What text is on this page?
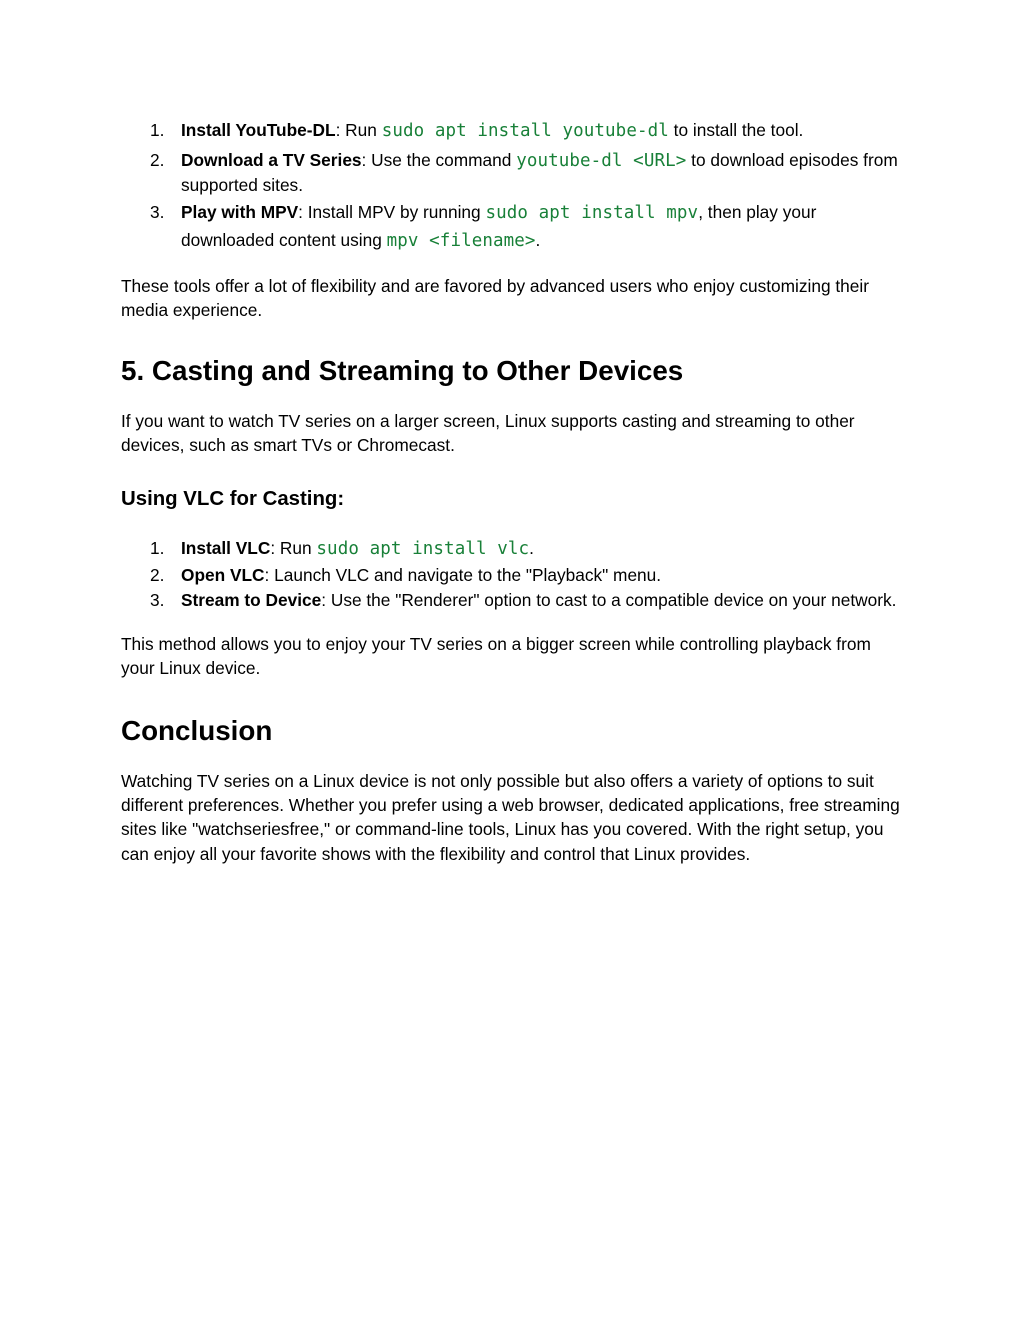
1. Install YouTube-DL: Run sudo apt install youtube-dl to install the tool.
2. Download a TV Series: Use the command youtube-dl <URL> to download episodes from supported sites.
3. Play with MPV: Install MPV by running sudo apt install mpv, then play your
downloaded content using mpv <filename>.

These tools offer a lot of flexibility and are favored by advanced users who enjoy customizing their media experience.

5. Casting and Streaming to Other Devices

If you want to watch TV series on a larger screen, Linux supports casting and streaming to other devices, such as smart TVs or Chromecast.

Using VLC for Casting:
1. Install VLC: Run sudo apt install vlc.
2. Open VLC: Launch VLC and navigate to the "Playback" menu.
3. Stream to Device: Use the "Renderer" option to cast to a compatible device on your network.

This method allows you to enjoy your TV series on a bigger screen while controlling playback from your Linux device.

Conclusion

Watching TV series on a Linux device is not only possible but also offers a variety of options to suit different preferences. Whether you prefer using a web browser, dedicated applications, free streaming sites like "watchseriesfree," or command-line tools, Linux has you covered. With the right setup, you can enjoy all your favorite shows with the flexibility and control that Linux provides.
